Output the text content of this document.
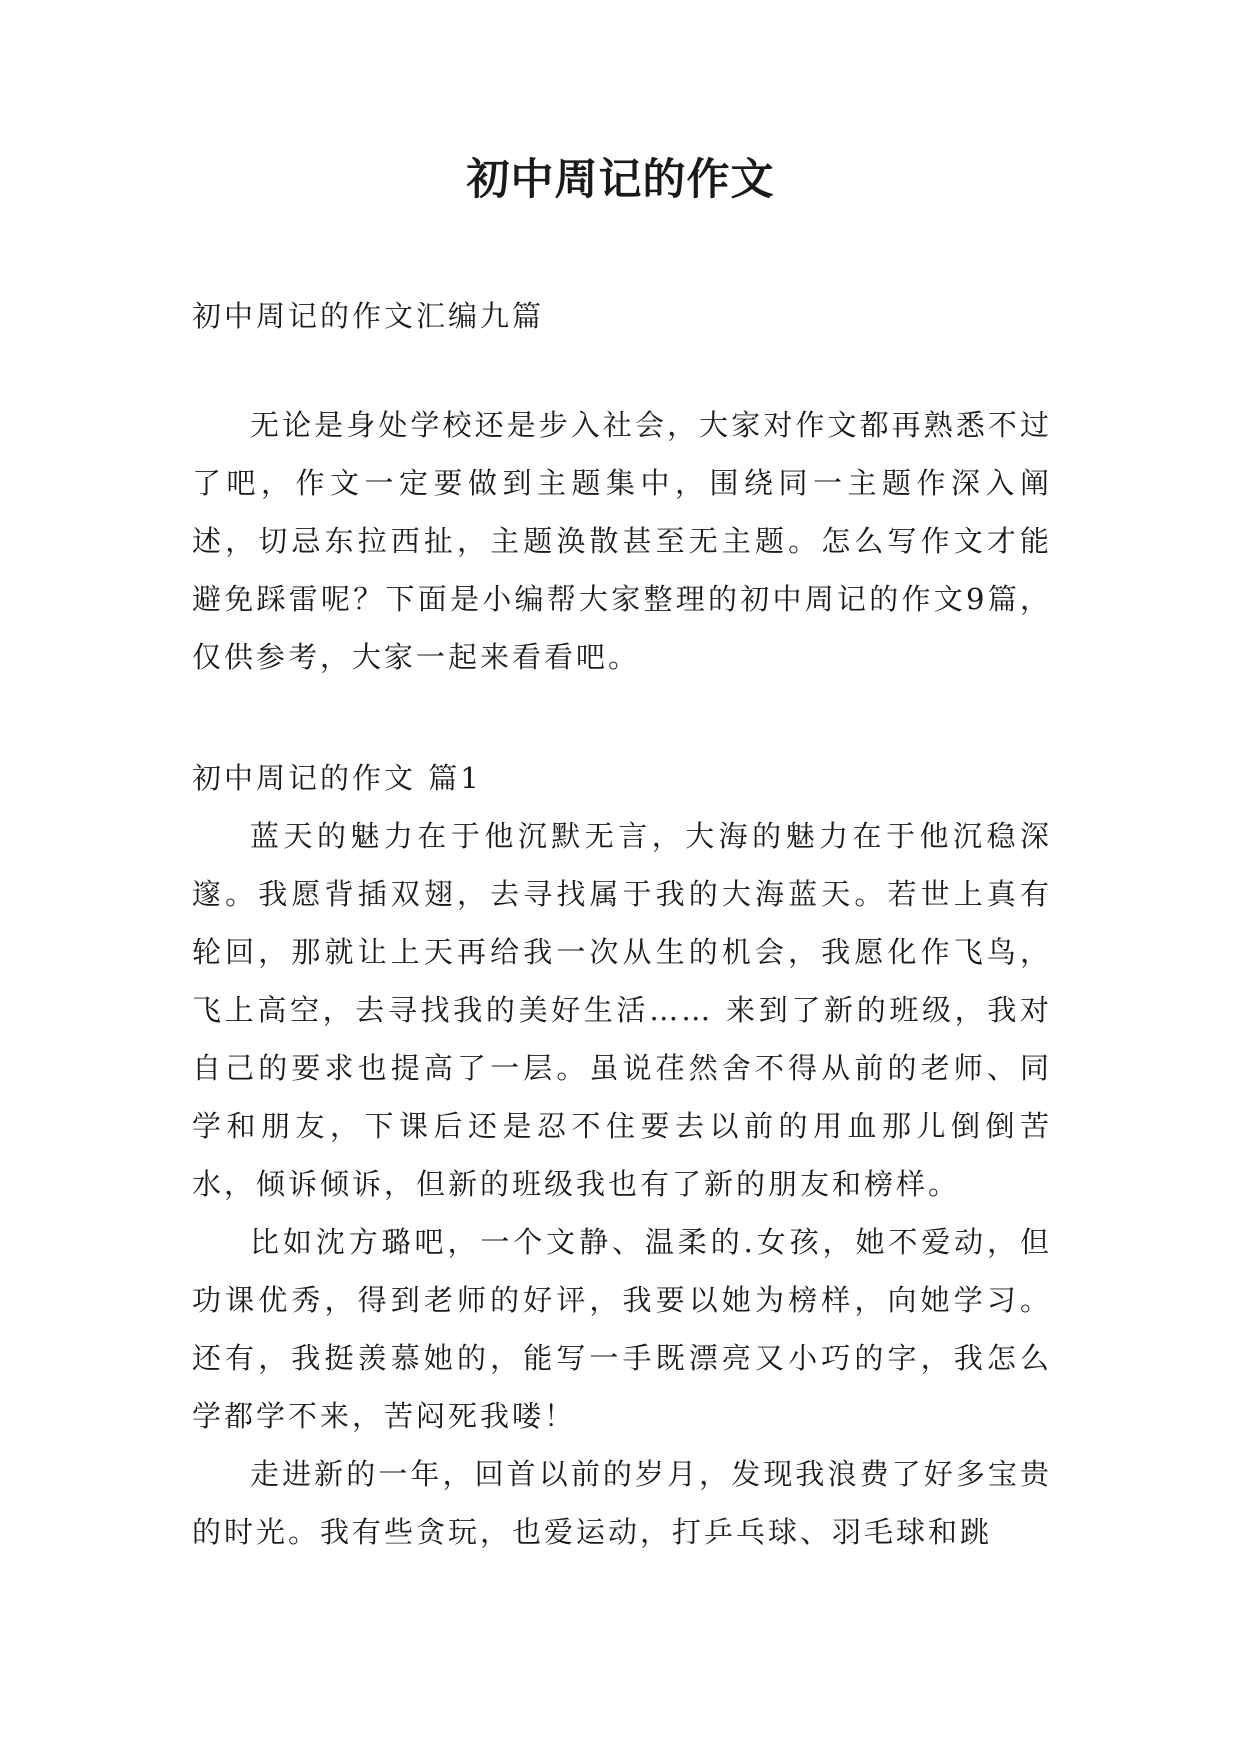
初中周记的作文

初中周记的作文汇编九篇

无论是身处学校还是步入社会，大家对作文都再熟悉不过了吧，作文一定要做到主题集中，围绕同一主题作深入阐述，切忌东拉西扯，主题涣散甚至无主题。怎么写作文才能避免踩雷呢？下面是小编帮大家整理的初中周记的作文9篇，仅供参考，大家一起来看看吧。

初中周记的作文 篇1

蓝天的魅力在于他沉默无言，大海的魅力在于他沉稳深邃。我愿背插双翅，去寻找属于我的大海蓝天。若世上真有轮回，那就让上天再给我一次从生的机会，我愿化作飞鸟，飞上高空，去寻找我的美好生活…… 来到了新的班级，我对自己的要求也提高了一层。虽说荏然舍不得从前的老师、同学和朋友，下课后还是忍不住要去以前的用血那儿倒倒苦水，倾诉倾诉，但新的班级我也有了新的朋友和榜样。

比如沈方璐吧，一个文静、温柔的.女孩，她不爱动，但功课优秀，得到老师的好评，我要以她为榜样，向她学习。还有，我挺羡慕她的，能写一手既漂亮又小巧的字，我怎么学都学不来，苦闷死我喽！

走进新的一年，回首以前的岁月，发现我浪费了好多宝贵的时光。我有些贪玩，也爱运动，打乒乓球、羽毛球和跳
